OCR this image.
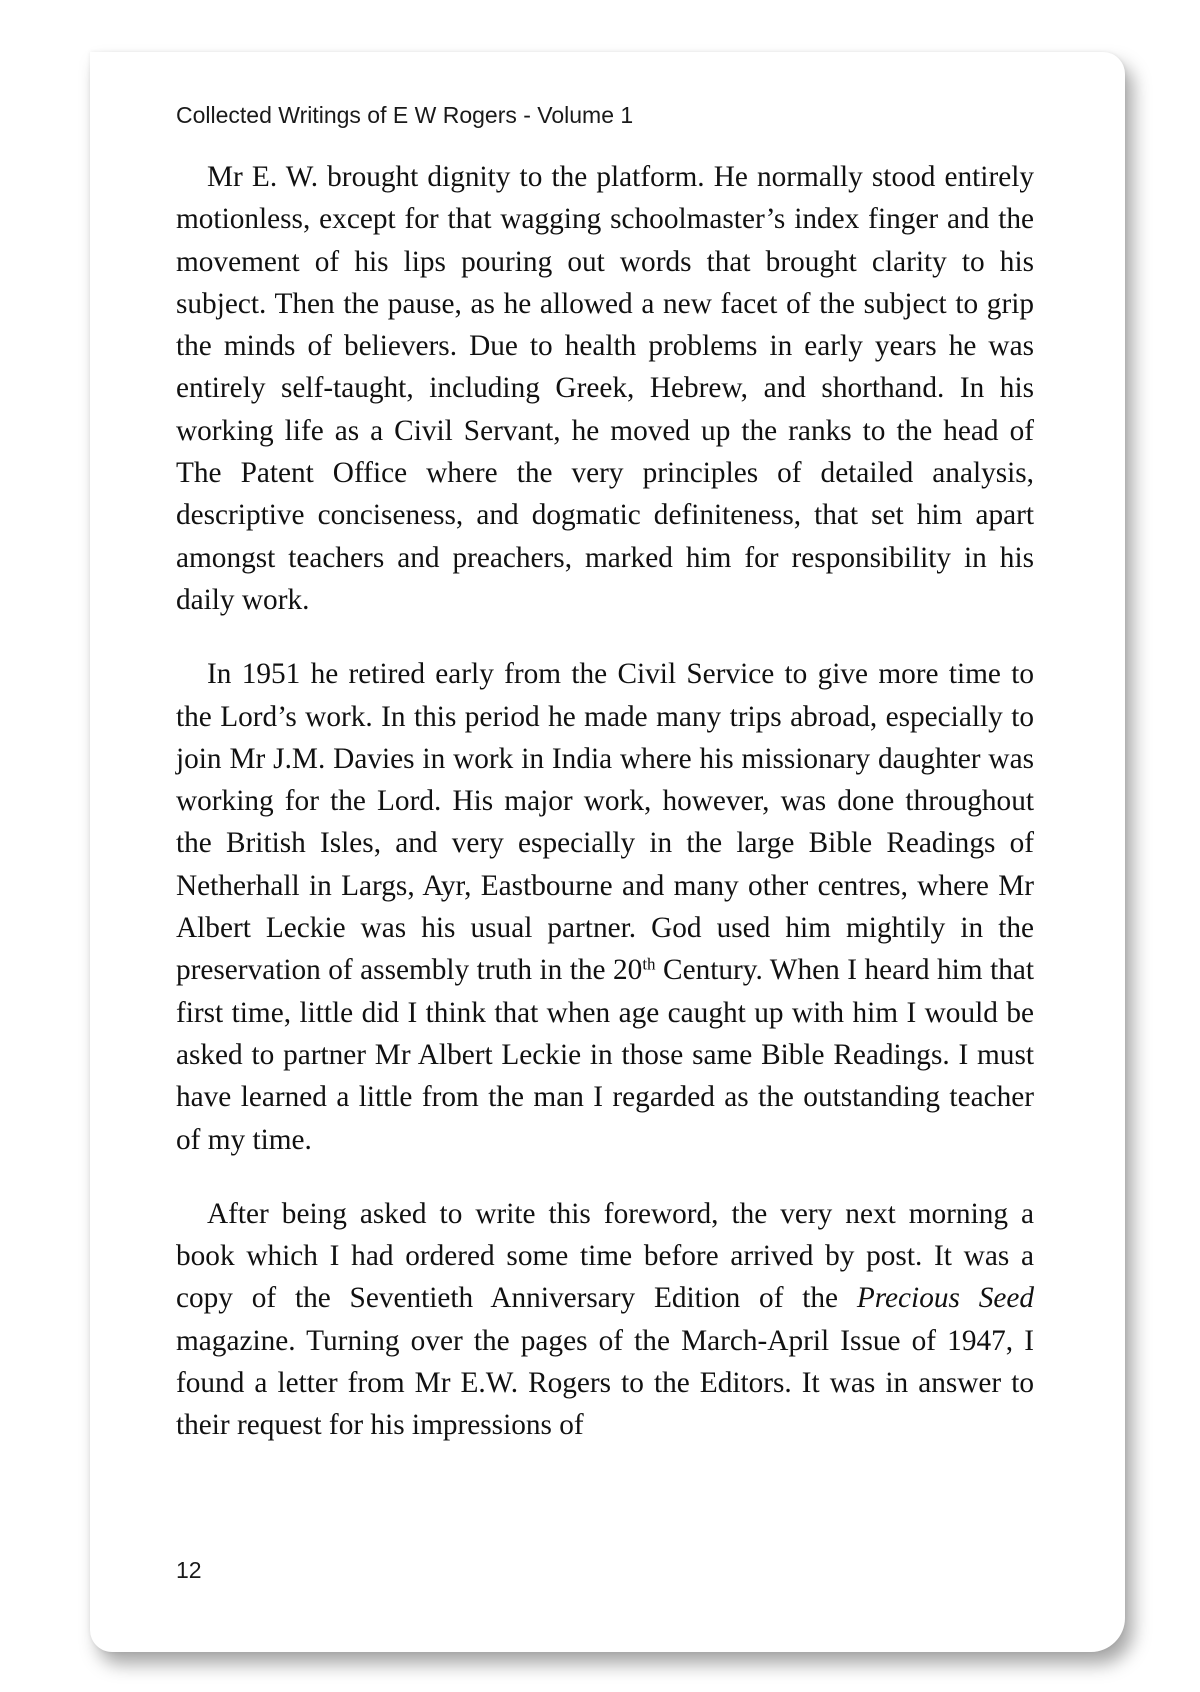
Collected Writings of E W Rogers - Volume 1

Mr E. W. brought dignity to the platform. He normally stood entirely motionless, except for that wagging schoolmaster’s index finger and the movement of his lips pouring out words that brought clarity to his subject. Then the pause, as he allowed a new facet of the subject to grip the minds of believers. Due to health problems in early years he was entirely self-taught, including Greek, Hebrew, and shorthand. In his working life as a Civil Servant, he moved up the ranks to the head of The Patent Office where the very principles of detailed analysis, descriptive conciseness, and dogmatic definiteness, that set him apart amongst teachers and preachers, marked him for responsibility in his daily work.

In 1951 he retired early from the Civil Service to give more time to the Lord’s work. In this period he made many trips abroad, especially to join Mr J.M. Davies in work in India where his missionary daughter was working for the Lord. His major work, however, was done throughout the British Isles, and very especially in the large Bible Readings of Netherhall in Largs, Ayr, Eastbourne and many other centres, where Mr Albert Leckie was his usual partner. God used him mightily in the preservation of assembly truth in the 20th Century. When I heard him that first time, little did I think that when age caught up with him I would be asked to partner Mr Albert Leckie in those same Bible Readings. I must have learned a little from the man I regarded as the outstanding teacher of my time.

After being asked to write this foreword, the very next morning a book which I had ordered some time before arrived by post. It was a copy of the Seventieth Anniversary Edition of the Precious Seed magazine. Turning over the pages of the March-April Issue of 1947, I found a letter from Mr E.W. Rogers to the Editors. It was in answer to their request for his impressions of

12
